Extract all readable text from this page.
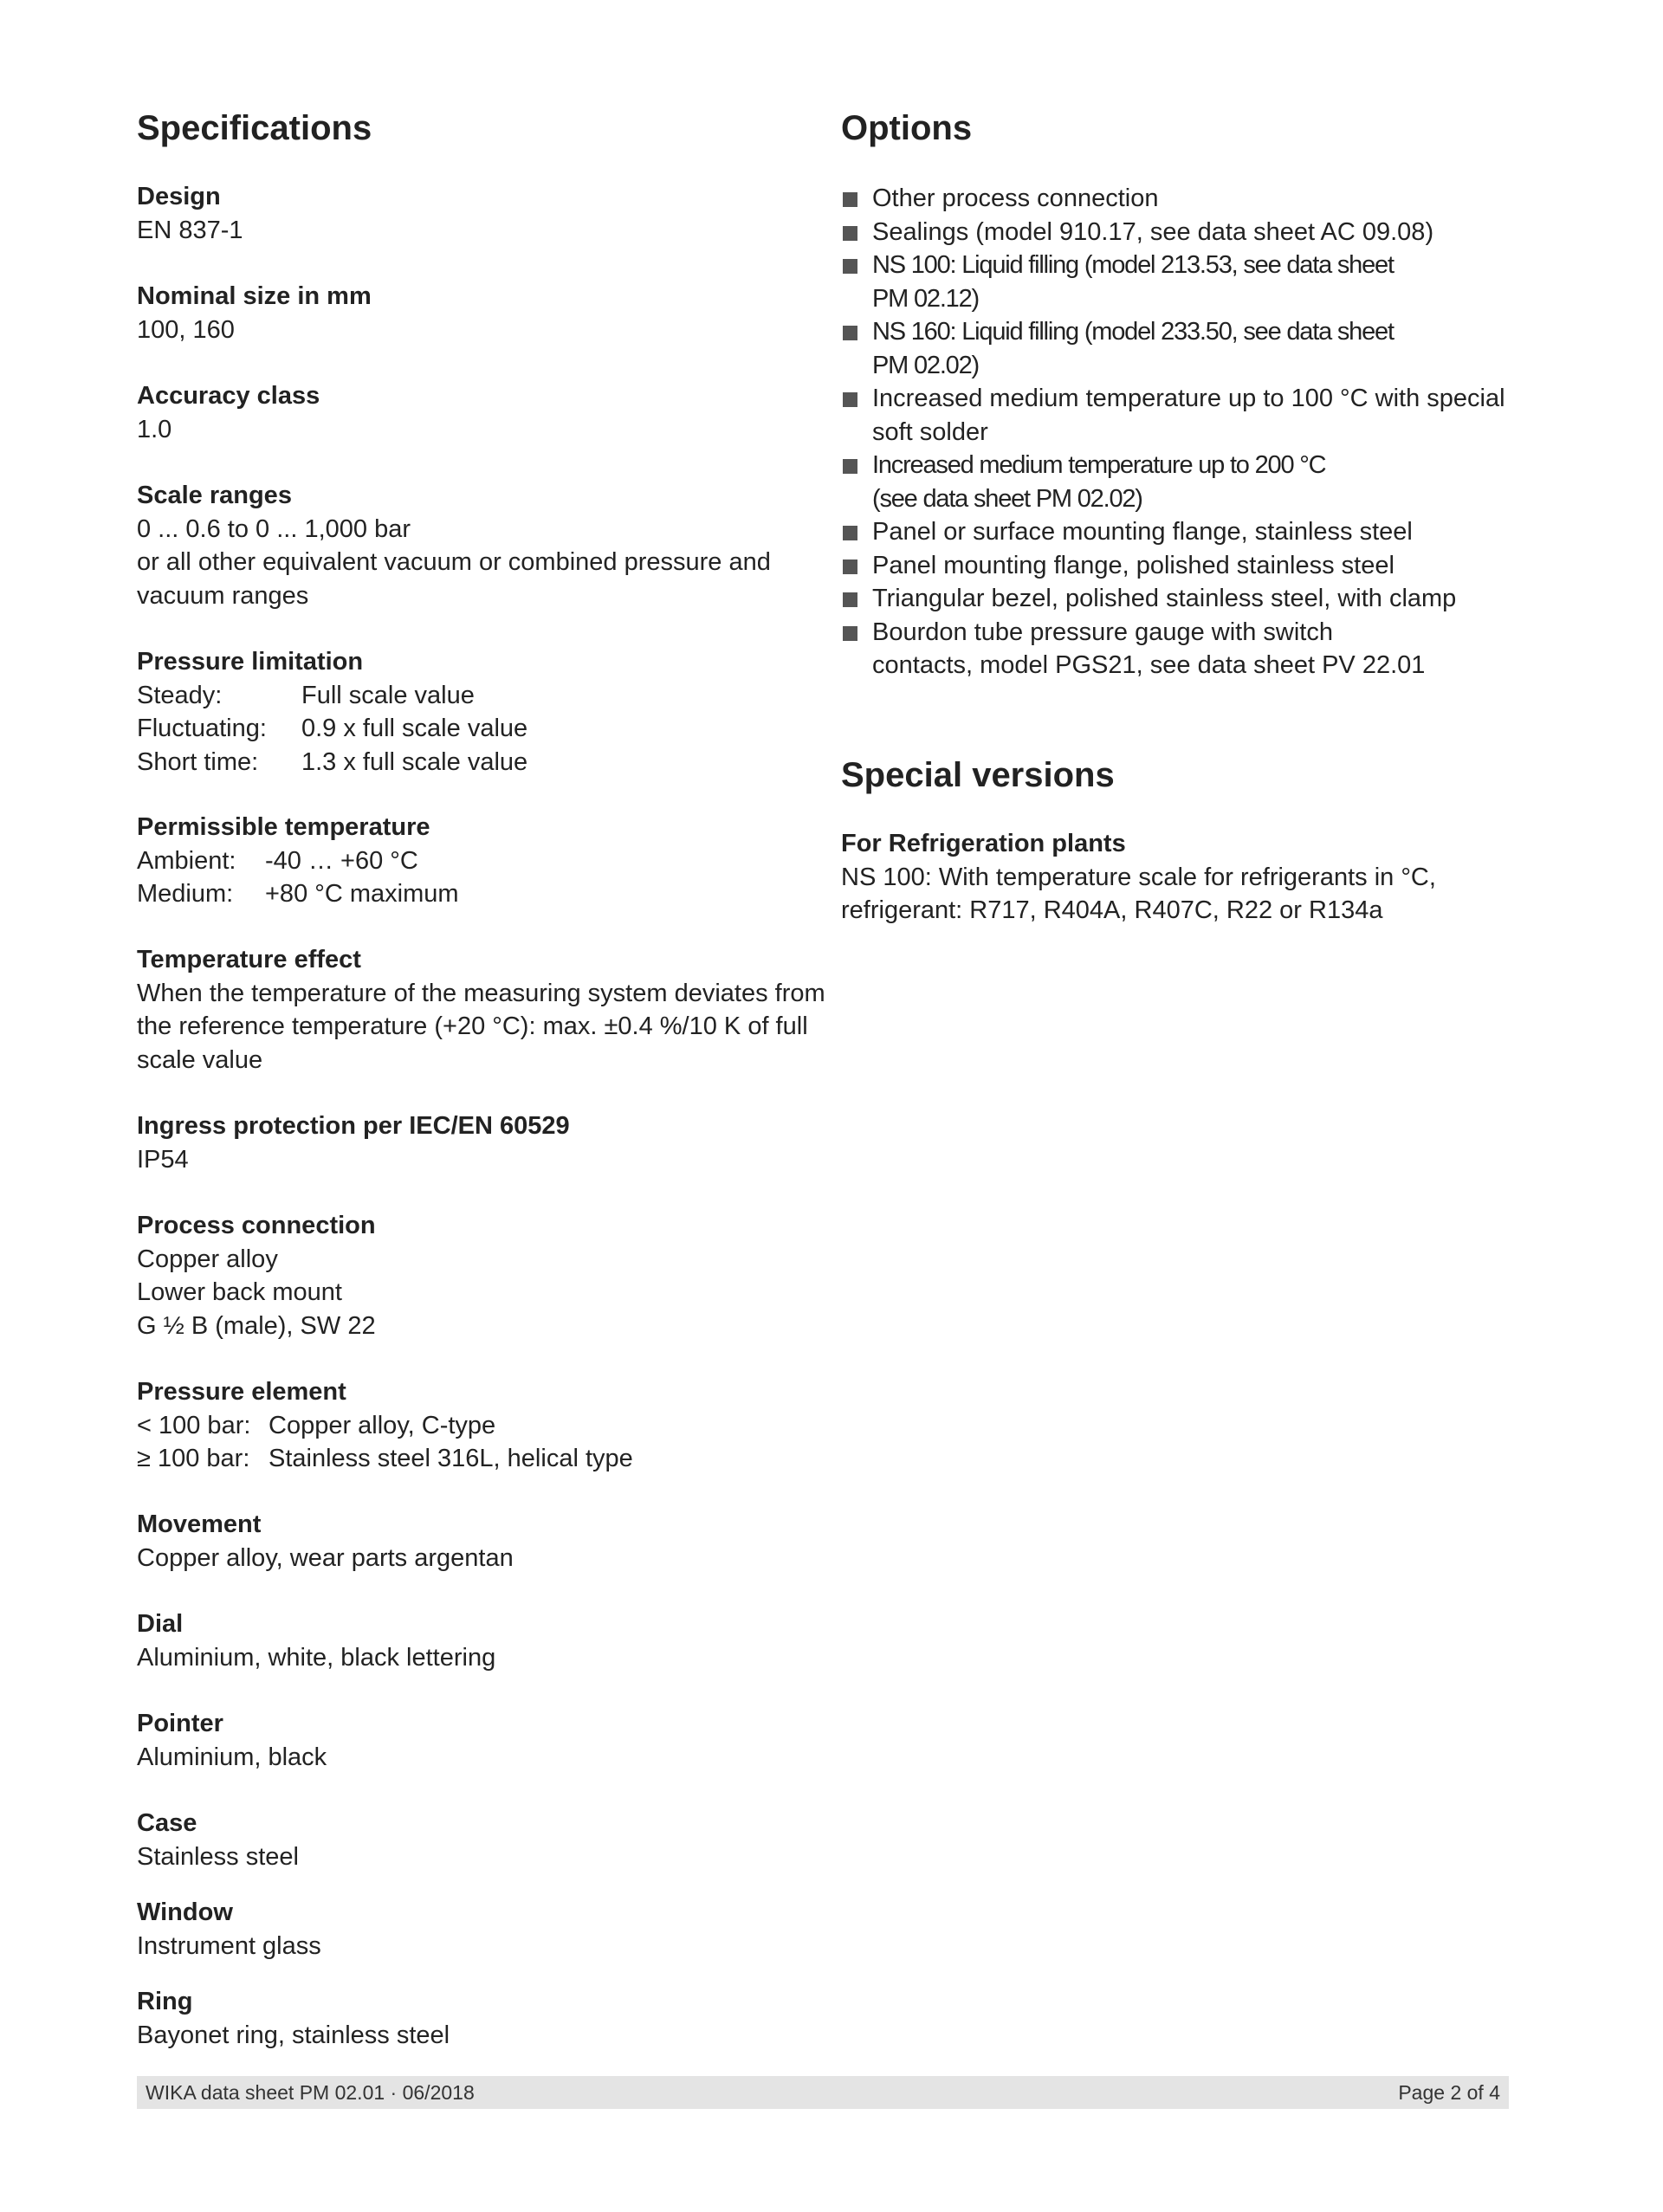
Specifications
Design
EN 837-1
Nominal size in mm
100, 160
Accuracy class
1.0
Scale ranges
0 ... 0.6 to 0 ... 1,000 bar
or all other equivalent vacuum or combined pressure and
vacuum ranges
Pressure limitation
Steady:	Full scale value
Fluctuating:	0.9 x full scale value
Short time:	1.3 x full scale value
Permissible temperature
Ambient:	-40 … +60 °C
Medium:	+80 °C maximum
Temperature effect
When the temperature of the measuring system deviates from
the reference temperature (+20 °C): max. ±0.4 %/10 K of full
scale value
Ingress protection per IEC/EN 60529
IP54
Process connection
Copper alloy
Lower back mount
G ½ B (male), SW 22
Pressure element
< 100 bar: Copper alloy, C-type
≥ 100 bar: Stainless steel 316L, helical type
Movement
Copper alloy, wear parts argentan
Dial
Aluminium, white, black lettering
Pointer
Aluminium, black
Case
Stainless steel
Window
Instrument glass
Ring
Bayonet ring, stainless steel
Options
Other process connection
Sealings (model 910.17, see data sheet AC 09.08)
NS 100: Liquid filling (model 213.53, see data sheet
PM 02.12)
NS 160: Liquid filling (model 233.50, see data sheet
PM 02.02)
Increased medium temperature up to 100 °C with special
soft solder
Increased medium temperature up to 200 °C
(see data sheet PM 02.02)
Panel or surface mounting flange, stainless steel
Panel mounting flange, polished stainless steel
Triangular bezel, polished stainless steel, with clamp
Bourdon tube pressure gauge with switch
contacts, model PGS21, see data sheet PV 22.01
Special versions
For Refrigeration plants
NS 100: With temperature scale for refrigerants in °C,
refrigerant: R717, R404A, R407C, R22 or R134a
WIKA data sheet PM 02.01 · 06/2018	Page 2 of 4
